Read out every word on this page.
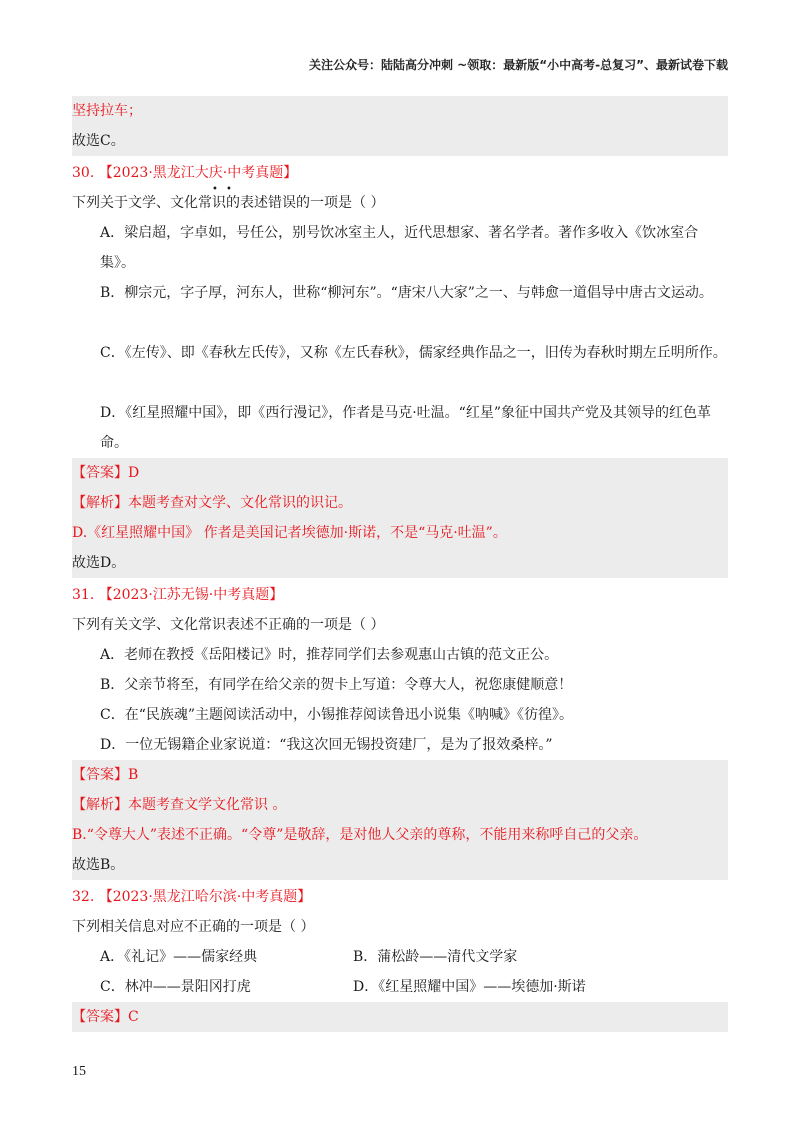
关注公众号：陆陆高分冲刺 ~领取：最新版“小中高考-总复习”、最新试卷下载
坚持拉车；
故选C。
30. 【2023·黑龙江大庆·中考真题】
下列关于文学、文化常识的表述错误的一项是（ ）
• •
A．梁启超，字卓如，号任公，别号饮冰室主人，近代思想家、著名学者。著作多收入《饮冰室合集》。
B．柳宗元，字子厚，河东人，世称“柳河东”。“唐宋八大家”之一、与韩愈一道倡导中唐古文运动。
C．《左传》、即《春秋左氏传》，又称《左氏春秋》，儒家经典作品之一，旧传为春秋时期左丘明所作。
D．《红星照耀中国》，即《西行漫记》，作者是马克·吐温。“红星”象征中国共产党及其领导的红色革命。
【答案】D
【解析】本题考查对文学、文化常识的识记。
D.《红星照耀中国》 作者是美国记者埃德加·斯诺，不是“马克·吐温”。
故选D。
31. 【2023·江苏无锡·中考真题】
下列有关文学、文化常识表述不正确的一项是（ ）
A．老师在教授《岳阳楼记》时，推荐同学们去参观惠山古镇的范文正公。
B．父亲节将至，有同学在给父亲的贺卡上写道：令尊大人，祝您康健顺意！
C．在“民族魂”主题阅读活动中，小锡推荐阅读鲁迅小说集《呐喊》《彷徨》。
D．一位无锡籍企业家说道：“我这次回无锡投资建厂，是为了报效桑梓。”
【答案】B
【解析】本题考查文学文化常识 。
B.“令尊大人”表述不正确。“令尊”是敬辞，是对他人父亲的尊称，不能用来称呼自己的父亲。
故选B。
32. 【2023·黑龙江哈尔滨·中考真题】
下列相关信息对应不正确的一项是（ ）
A．《礼记》——儒家经典	B．蒲松龄——清代文学家
C．林冲——景阳冈打虎	D．《红星照耀中国》——埃德加·斯诺
【答案】C
15
